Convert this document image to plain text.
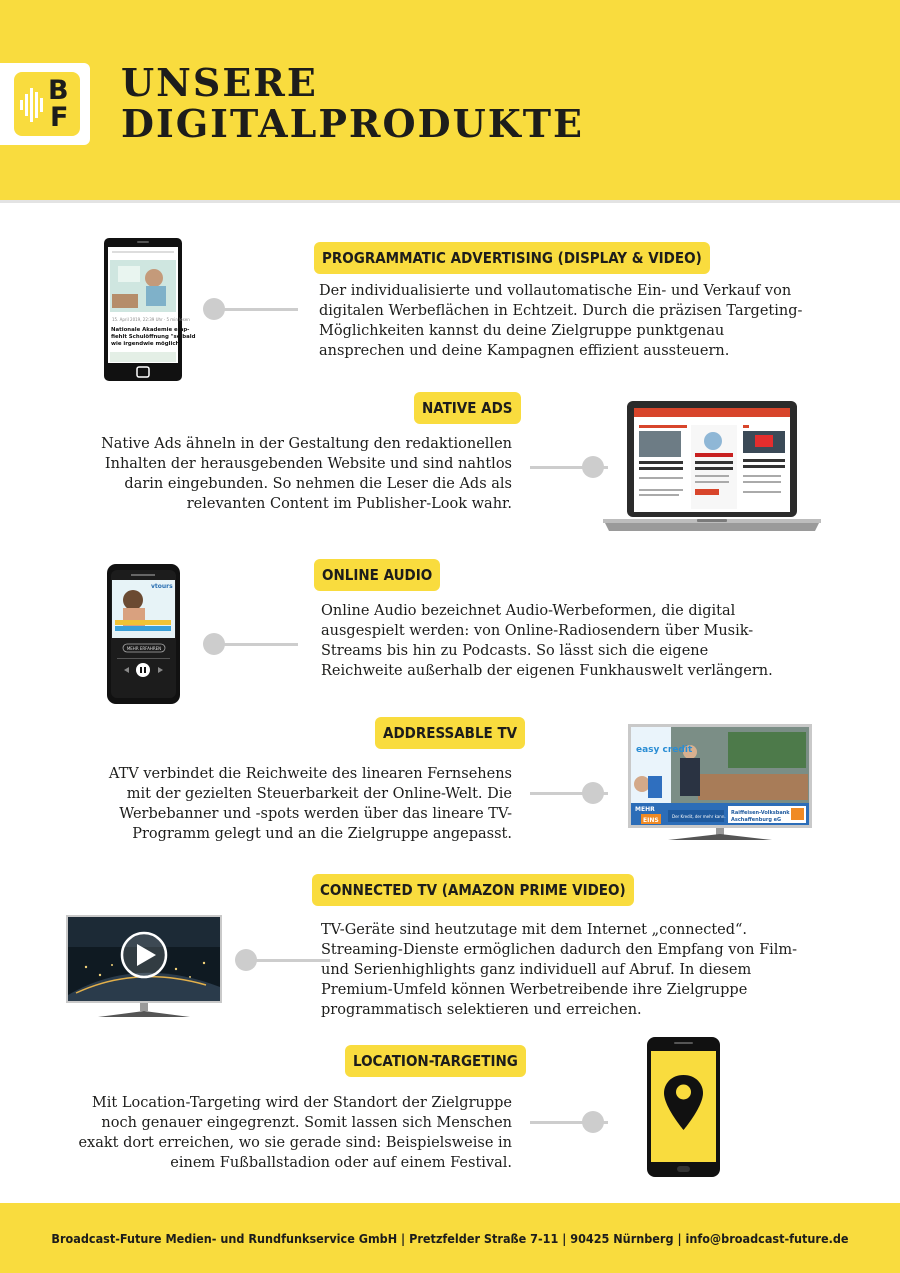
B
F
UNSERE
DIGITALPRODUKTE
PROGRAMMATIC ADVERTISING (DISPLAY & VIDEO)
Der individualisierte und vollautomatische Ein- und Verkauf von
digitalen Werbeflächen in Echtzeit. Durch die präzisen Targeting-
Möglichkeiten kannst du deine Zielgruppe punktgenau
ansprechen und deine Kampagnen effizient aussteuern.
15. April 2019, 22:39 Uhr · 5 min lesen
Nationale Akademie emp-
fiehlt Schulöffnung "so bald
wie irgendwie möglich"
NATIVE ADS
Native Ads ähneln in der Gestaltung den redaktionellen
Inhalten der herausgebenden Website und sind nahtlos
darin eingebunden. So nehmen die Leser die Ads als
relevanten Content im Publisher-Look wahr.
ONLINE AUDIO
Online Audio bezeichnet Audio-Werbeformen, die digital
ausgespielt werden: von Online-Radiosendern über Musik-
Streams bis hin zu Podcasts. So lässt sich die eigene
Reichweite außerhalb der eigenen Funkhauswelt verlängern.
vtours
MEHR ERFAHREN
ADDRESSABLE TV
ATV verbindet die Reichweite des linearen Fernsehens
mit der gezielten Steuerbarkeit der Online-Welt. Die
Werbebanner und -spots werden über das lineare TV-
Programm gelegt und an die Zielgruppe angepasst.
easy credit
MEHR
EINS
Der Kredit, der mehr kann.
Raiffeisen-Volksbank
Aschaffenburg eG
CONNECTED TV (AMAZON PRIME VIDEO)
TV-Geräte sind heutzutage mit dem Internet „connected“.
Streaming-Dienste ermöglichen dadurch den Empfang von Film-
und Serienhighlights ganz individuell auf Abruf. In diesem
Premium-Umfeld können Werbetreibende ihre Zielgruppe
programmatisch selektieren und erreichen.
LOCATION-TARGETING
Mit Location-Targeting wird der Standort der Zielgruppe
noch genauer eingegrenzt. Somit lassen sich Menschen
exakt dort erreichen, wo sie gerade sind: Beispielsweise in
einem Fußballstadion oder auf einem Festival.
Broadcast-Future Medien- und Rundfunkservice GmbH | Pretzfelder Straße 7-11 | 90425 Nürnberg | info@broadcast-future.de
